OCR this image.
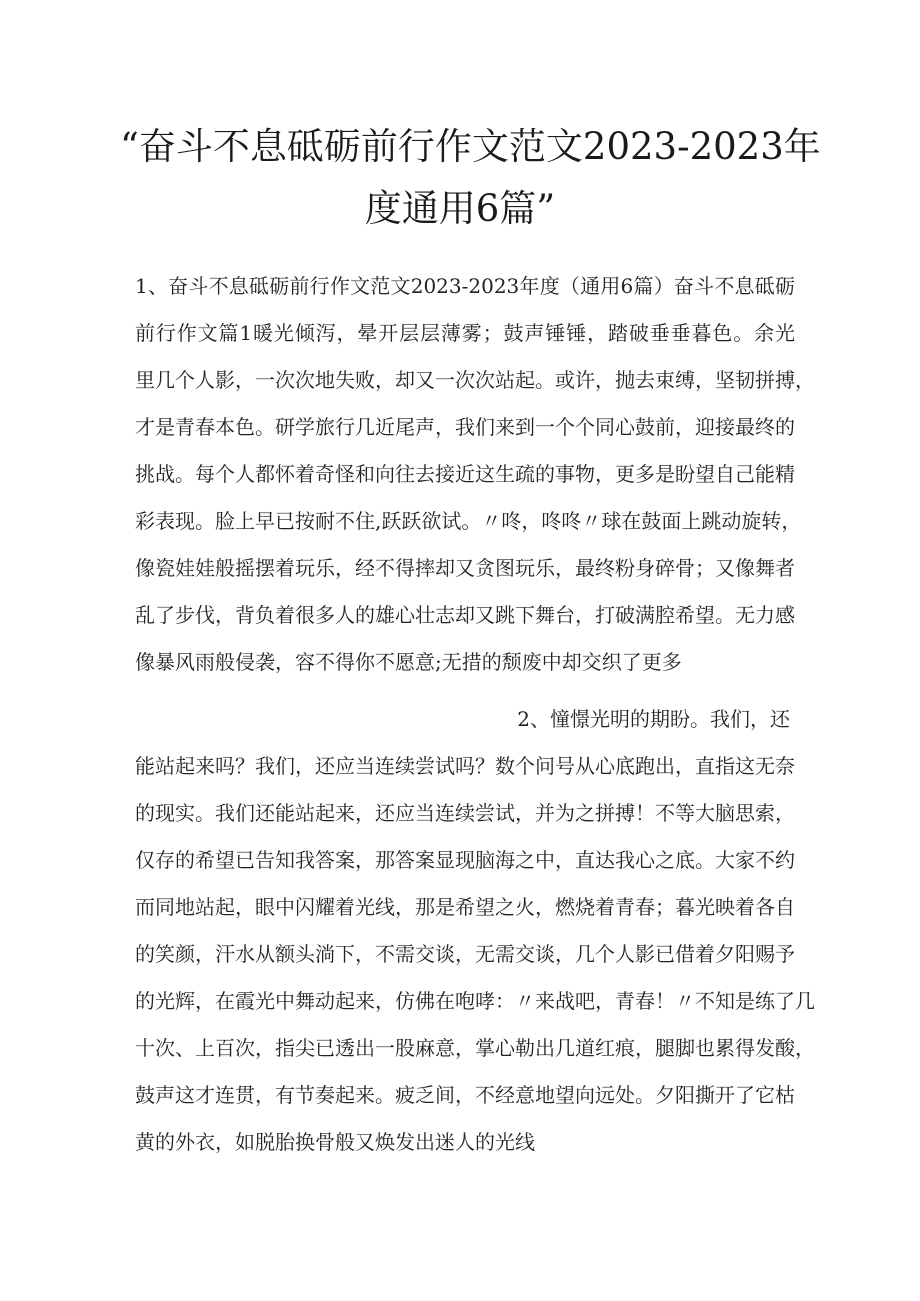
“奋斗不息砥砺前行作文范文2023-2023年
度通用6篇”
1、奋斗不息砥砺前行作文范文2023-2023年度（通用6篇）奋斗不息砥砺
前行作文篇1暖光倾泻，晕开层层薄雾；鼓声锤锤，踏破垂垂暮色。余光
里几个人影，一次次地失败，却又一次次站起。或许，抛去束缚，坚韧拼搏，
才是青春本色。研学旅行几近尾声，我们来到一个个同心鼓前，迎接最终的
挑战。每个人都怀着奇怪和向往去接近这生疏的事物，更多是盼望自己能精
彩表现。脸上早已按耐不住,跃跃欲试。〃咚，咚咚〃球在鼓面上跳动旋转，
像瓷娃娃般摇摆着玩乐，经不得摔却又贪图玩乐，最终粉身碎骨；又像舞者
乱了步伐，背负着很多人的雄心壮志却又跳下舞台，打破满腔希望。无力感
像暴风雨般侵袭，容不得你不愿意;无措的颓废中却交织了更多
2、憧憬光明的期盼。我们，还
能站起来吗？我们，还应当连续尝试吗？数个问号从心底跑出，直指这无奈
的现实。我们还能站起来，还应当连续尝试，并为之拼搏！不等大脑思索，
仅存的希望已告知我答案，那答案显现脑海之中，直达我心之底。大家不约
而同地站起，眼中闪耀着光线，那是希望之火，燃烧着青春；暮光映着各自
的笑颜，汗水从额头淌下，不需交谈，无需交谈，几个人影已借着夕阳赐予
的光辉，在霞光中舞动起来，仿佛在咆哮：〃来战吧，青春！〃不知是练了几
十次、上百次，指尖已透出一股麻意，掌心勒出几道红痕，腿脚也累得发酸，
鼓声这才连贯，有节奏起来。疲乏间，不经意地望向远处。夕阳撕开了它枯
黄的外衣，如脱胎换骨般又焕发出迷人的光线
